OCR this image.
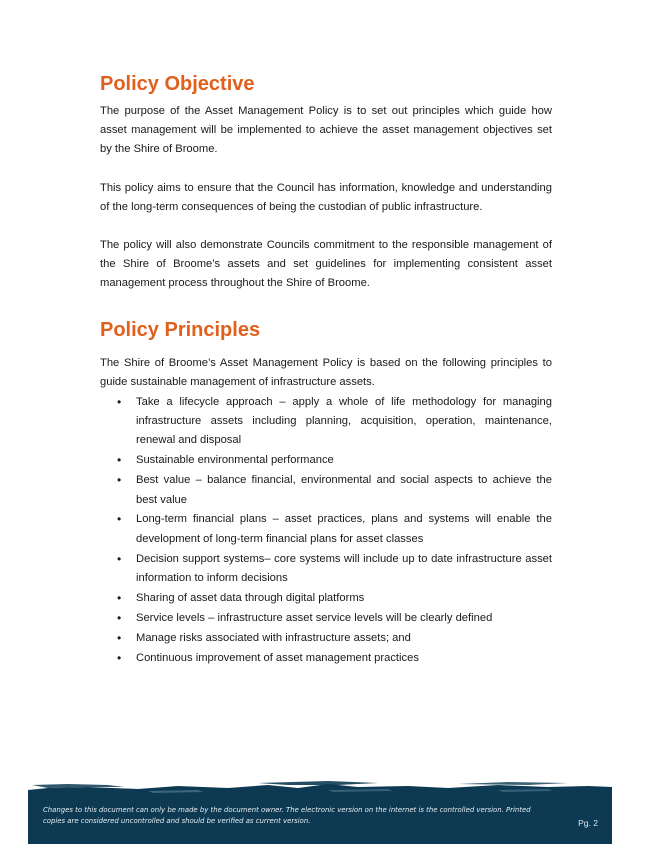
Policy Objective

The purpose of the Asset Management Policy is to set out principles which guide how asset management will be implemented to achieve the asset management objectives set by the Shire of Broome.

This policy aims to ensure that the Council has information, knowledge and understanding of the long-term consequences of being the custodian of public infrastructure.

The policy will also demonstrate Councils commitment to the responsible management of the Shire of Broome’s assets and set guidelines for implementing consistent asset management process throughout the Shire of Broome.

Policy Principles

The Shire of Broome’s Asset Management Policy is based on the following principles to guide sustainable management of infrastructure assets.

• Take a lifecycle approach – apply a whole of life methodology for managing infrastructure assets including planning, acquisition, operation, maintenance, renewal and disposal
• Sustainable environmental performance
• Best value – balance financial, environmental and social aspects to achieve the best value
• Long-term financial plans – asset practices, plans and systems will enable the development of long-term financial plans for asset classes
• Decision support systems– core systems will include up to date infrastructure asset information to inform decisions
• Sharing of asset data through digital platforms
• Service levels – infrastructure asset service levels will be clearly defined
• Manage risks associated with infrastructure assets; and
• Continuous improvement of asset management practices
Changes to this document can only be made by the document owner. The electronic version on the internet is the controlled version. Printed copies are considered uncontrolled and should be verified as current version.	Pg. 2
